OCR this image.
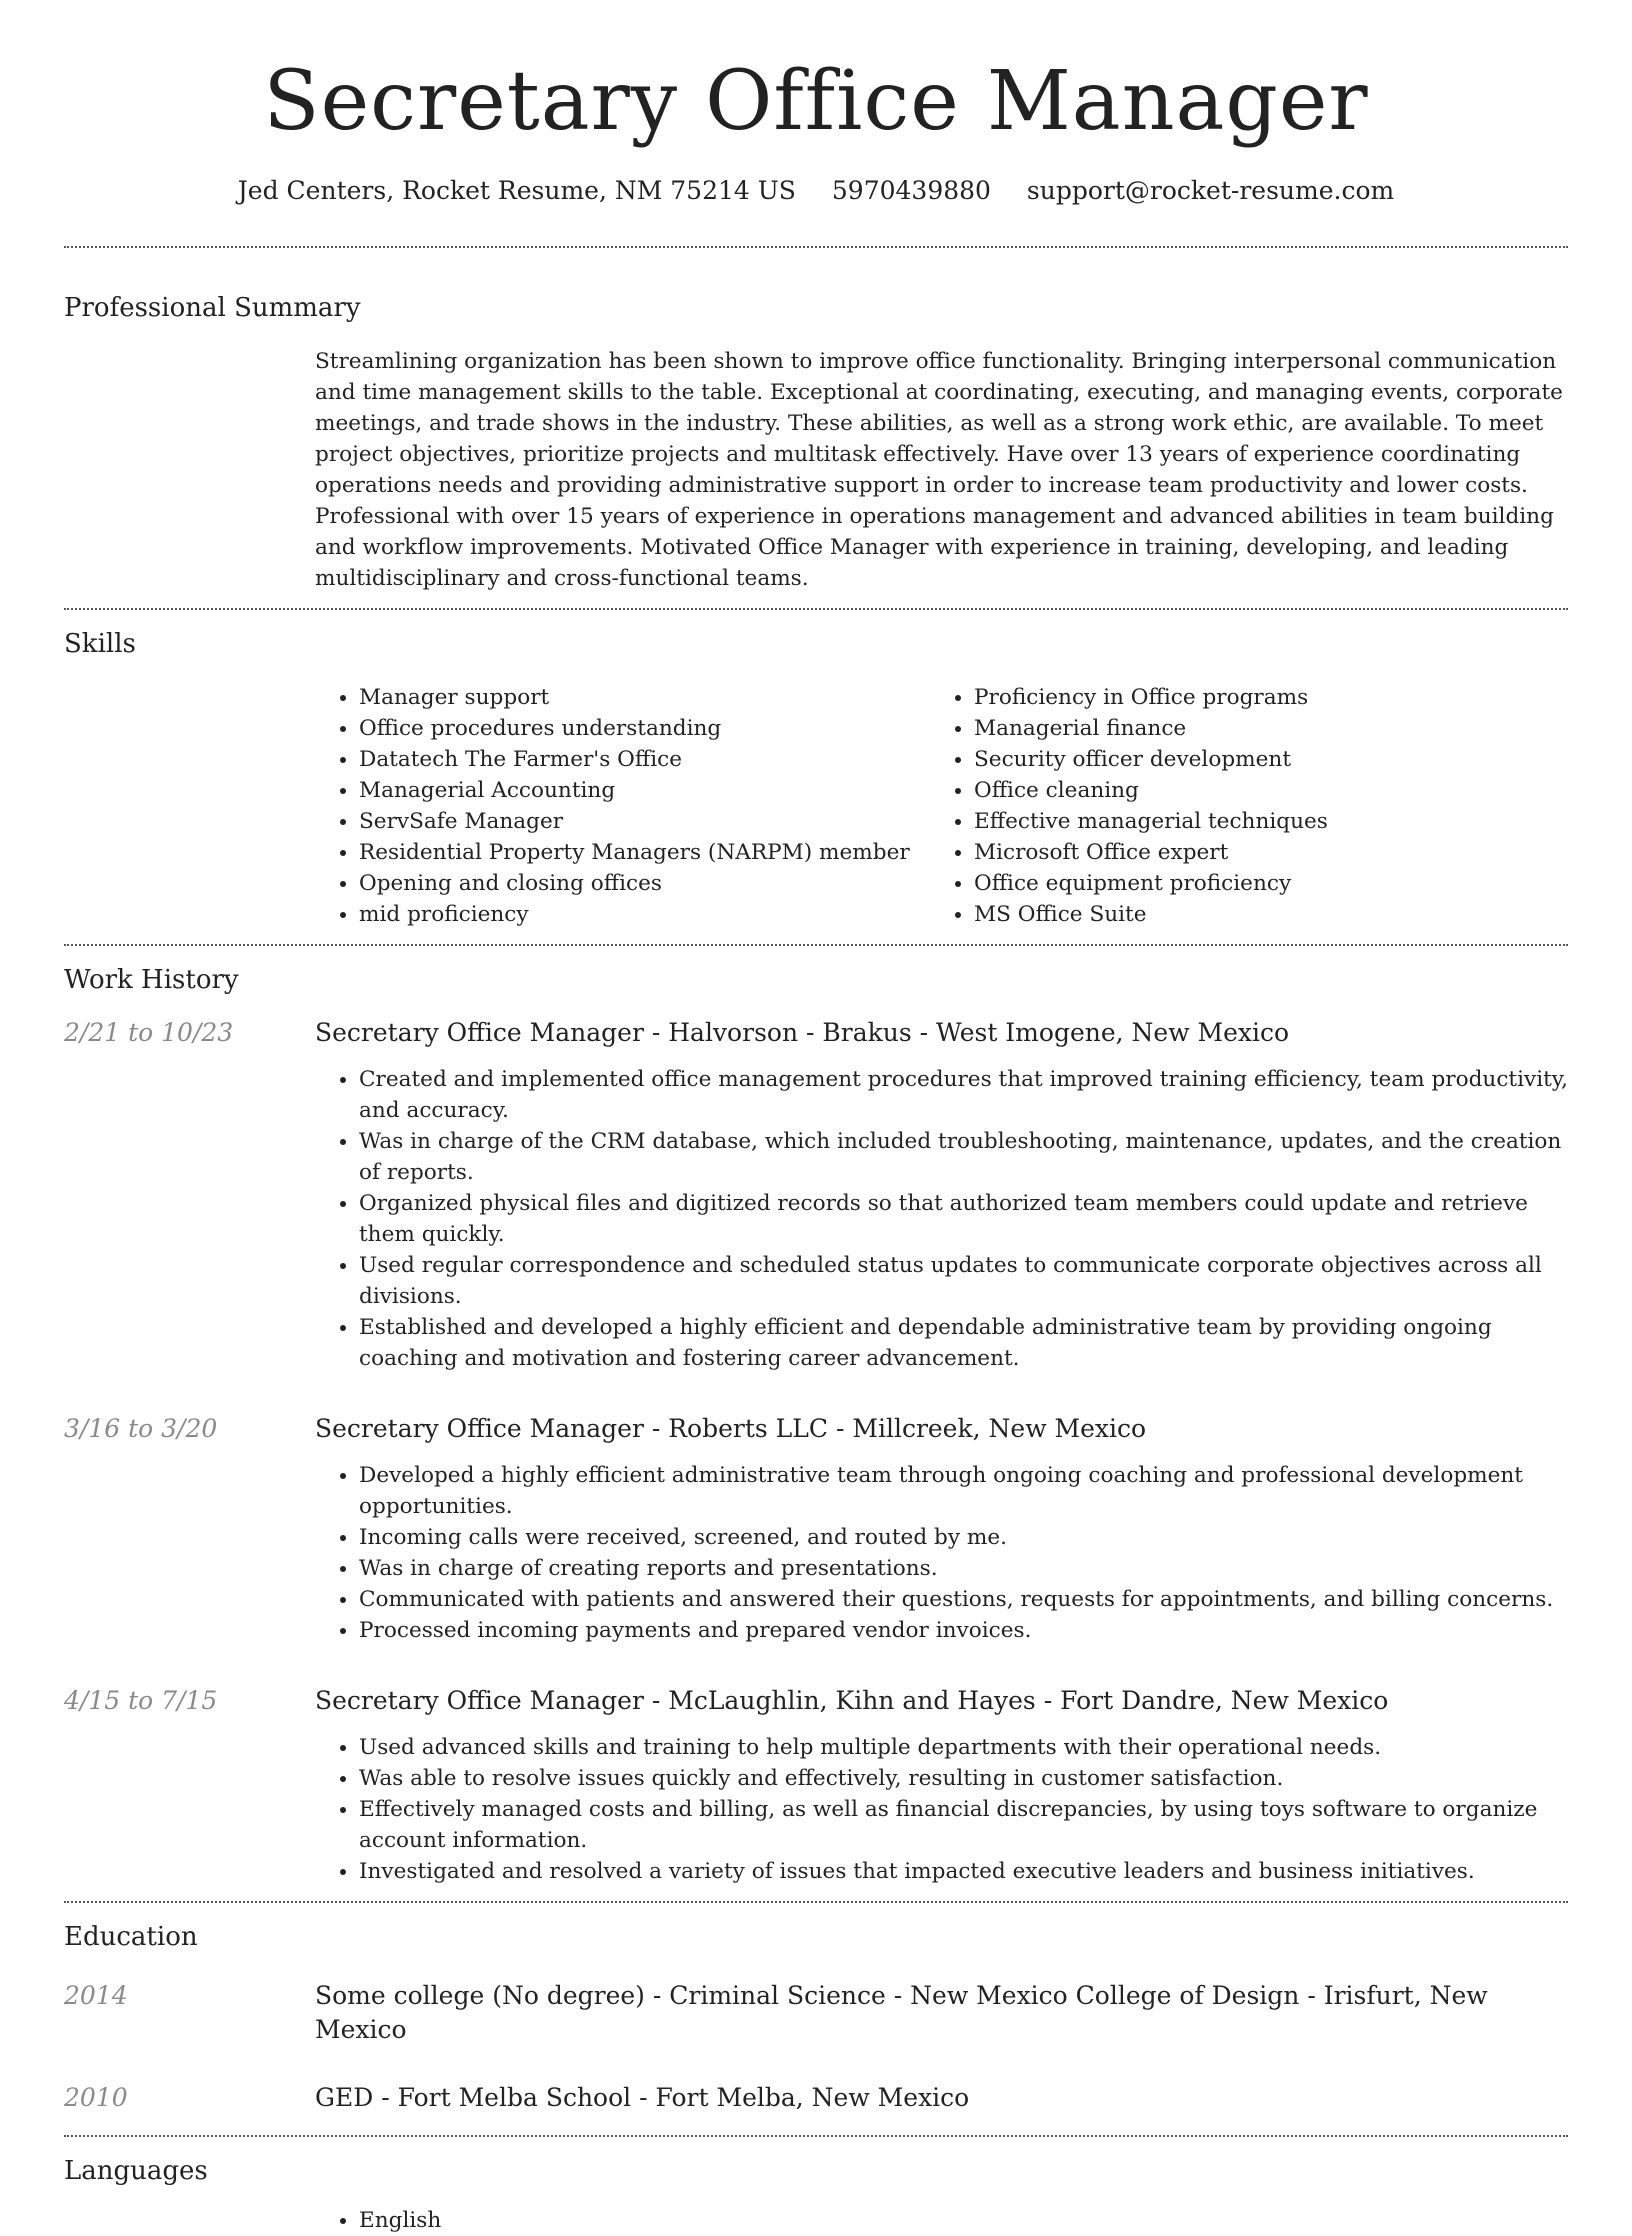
Secretary Office Manager
Jed Centers, Rocket Resume, NM 75214 US 5970439880 support@rocket-resume.com
Professional Summary

Streamlining organization has been shown to improve office functionality. Bringing interpersonal communication and time management skills to the table. Exceptional at coordinating, executing, and managing events, corporate meetings, and trade shows in the industry. These abilities, as well as a strong work ethic, are available. To meet project objectives, prioritize projects and multitask effectively. Have over 13 years of experience coordinating operations needs and providing administrative support in order to increase team productivity and lower costs. Professional with over 15 years of experience in operations management and advanced abilities in team building and workflow improvements. Motivated Office Manager with experience in training, developing, and leading multidisciplinary and cross-functional teams.

Skills
• Manager support
• Office procedures understanding
• Datatech The Farmer's Office
• Managerial Accounting
• ServSafe Manager
• Residential Property Managers (NARPM) member
• Opening and closing offices
• mid proficiency
• Proficiency in Office programs
• Managerial finance
• Security officer development
• Office cleaning
• Effective managerial techniques
• Microsoft Office expert
• Office equipment proficiency
• MS Office Suite
Work History
2/21 to 10/23	Secretary Office Manager - Halvorson - Brakus - West Imogene, New Mexico
• Created and implemented office management procedures that improved training efficiency, team productivity, and accuracy.
• Was in charge of the CRM database, which included troubleshooting, maintenance, updates, and the creation of reports.
• Organized physical files and digitized records so that authorized team members could update and retrieve them quickly.
• Used regular correspondence and scheduled status updates to communicate corporate objectives across all divisions.
• Established and developed a highly efficient and dependable administrative team by providing ongoing coaching and motivation and fostering career advancement.
3/16 to 3/20	Secretary Office Manager - Roberts LLC - Millcreek, New Mexico
• Developed a highly efficient administrative team through ongoing coaching and professional development opportunities.
• Incoming calls were received, screened, and routed by me.
• Was in charge of creating reports and presentations.
• Communicated with patients and answered their questions, requests for appointments, and billing concerns.
• Processed incoming payments and prepared vendor invoices.
4/15 to 7/15	Secretary Office Manager - McLaughlin, Kihn and Hayes - Fort Dandre, New Mexico
• Used advanced skills and training to help multiple departments with their operational needs.
• Was able to resolve issues quickly and effectively, resulting in customer satisfaction.
• Effectively managed costs and billing, as well as financial discrepancies, by using toys software to organize account information.
• Investigated and resolved a variety of issues that impacted executive leaders and business initiatives.
Education
2014	Some college (No degree) - Criminal Science - New Mexico College of Design - Irisfurt, New Mexico
2010	GED - Fort Melba School - Fort Melba, New Mexico
Languages
• English
